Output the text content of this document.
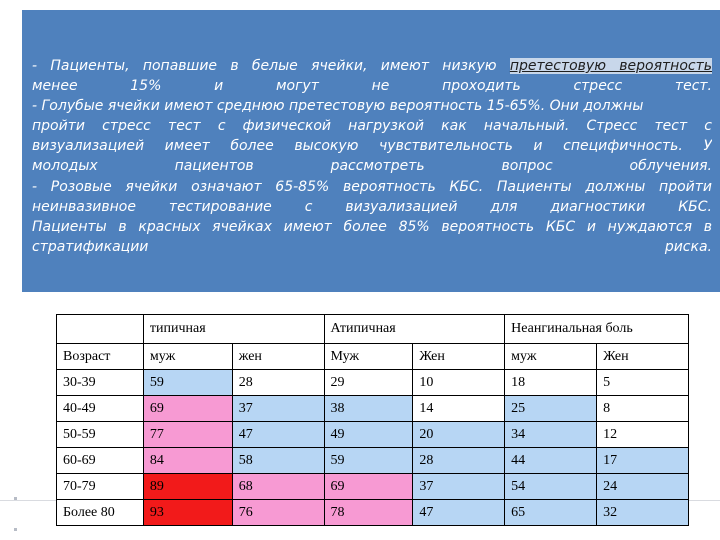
- Пациенты, попавшие в белые ячейки, имеют низкую претестовую вероятность
менее 15% и могут не проходить стресс тест.
- Голубые ячейки имеют среднюю претестовую вероятность 15-65%. Они должны
пройти стресс тест с физической нагрузкой как начальный. Стресс тест с
визуализацией имеет более высокую чувствительность и специфичность. У
молодых пациентов рассмотреть вопрос облучения.
- Розовые ячейки означают 65-85% вероятность КБС. Пациенты должны пройти
неинвазивное тестирование с визуализацией для диагностики КБС.
Пациенты в красных ячейках имеют более 85% вероятность КБС и нуждаются в
стратификации риска.
	типичная		Атипичная		Неангинальная боль	
Возраст	муж	жен	Муж	Жен	муж	Жен
30-39	59	28	29	10	18	5
40-49	69	37	38	14	25	8
50-59	77	47	49	20	34	12
60-69	84	58	59	28	44	17
70-79	89	68	69	37	54	24
Более 80	93	76	78	47	65	32
